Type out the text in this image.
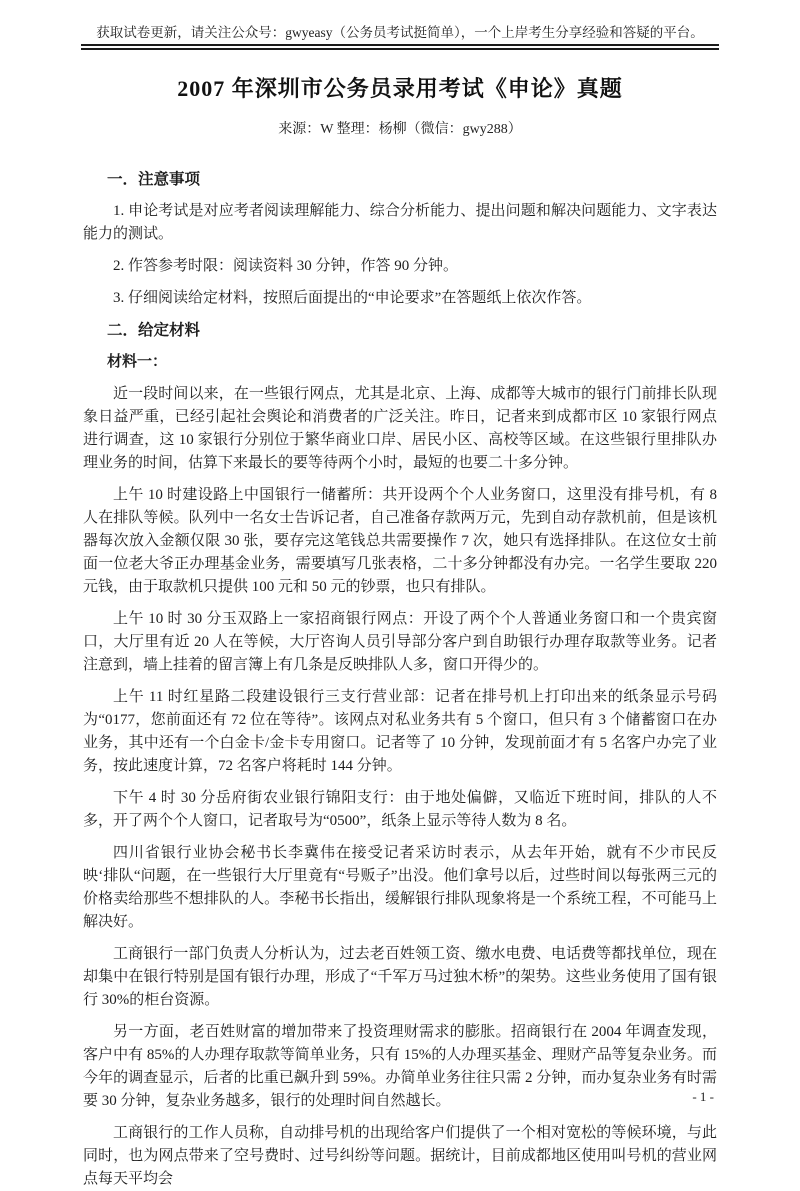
获取试卷更新，请关注公众号：gwyeasy（公务员考试挺简单），一个上岸考生分享经验和答疑的平台。
2007 年深圳市公务员录用考试《申论》真题
来源：W 整理：杨柳（微信：gwy288）
一．注意事项

1. 申论考试是对应考者阅读理解能力、综合分析能力、提出问题和解决问题能力、文字表达能力的测试。

2. 作答参考时限：阅读资料 30 分钟，作答 90 分钟。

3. 仔细阅读给定材料，按照后面提出的“申论要求”在答题纸上依次作答。

二．给定材料
材料一：

近一段时间以来，在一些银行网点，尤其是北京、上海、成都等大城市的银行门前排长队现象日益严重，已经引起社会舆论和消费者的广泛关注。昨日，记者来到成都市区 10 家银行网点进行调查，这 10 家银行分别位于繁华商业口岸、居民小区、高校等区域。在这些银行里排队办理业务的时间，估算下来最长的要等待两个小时，最短的也要二十多分钟。

上午 10 时建设路上中国银行一储蓄所：共开设两个个人业务窗口，这里没有排号机，有 8 人在排队等候。队列中一名女士告诉记者，自己准备存款两万元，先到自动存款机前，但是该机器每次放入金额仅限 30 张，要存完这笔钱总共需要操作 7 次，她只有选择排队。在这位女士前面一位老大爷正办理基金业务，需要填写几张表格，二十多分钟都没有办完。一名学生要取 220 元钱，由于取款机只提供 100 元和 50 元的钞票，也只有排队。

上午 10 时 30 分玉双路上一家招商银行网点：开设了两个个人普通业务窗口和一个贵宾窗口，大厅里有近 20 人在等候，大厅咨询人员引导部分客户到自助银行办理存取款等业务。记者注意到，墙上挂着的留言簿上有几条是反映排队人多，窗口开得少的。

上午 11 时红星路二段建设银行三支行营业部：记者在排号机上打印出来的纸条显示号码为“0177，您前面还有 72 位在等待”。该网点对私业务共有 5 个窗口，但只有 3 个储蓄窗口在办业务，其中还有一个白金卡/金卡专用窗口。记者等了 10 分钟，发现前面才有 5 名客户办完了业务，按此速度计算，72 名客户将耗时 144 分钟。

下午 4 时 30 分岳府街农业银行锦阳支行：由于地处偏僻，又临近下班时间，排队的人不多，开了两个个人窗口，记者取号为“0500”，纸条上显示等待人数为 8 名。

四川省银行业协会秘书长李冀伟在接受记者采访时表示，从去年开始，就有不少市民反映‘排队“问题，在一些银行大厅里竟有“号贩子”出没。他们拿号以后，过些时间以每张两三元的价格卖给那些不想排队的人。李秘书长指出，缓解银行排队现象将是一个系统工程，不可能马上解决好。

工商银行一部门负责人分析认为，过去老百姓领工资、缴水电费、电话费等都找单位，现在却集中在银行特别是国有银行办理，形成了“千军万马过独木桥”的架势。这些业务使用了国有银行 30%的柜台资源。

另一方面，老百姓财富的增加带来了投资理财需求的膨胀。招商银行在 2004 年调查发现，客户中有 85%的人办理存取款等简单业务，只有 15%的人办理买基金、理财产品等复杂业务。而今年的调查显示，后者的比重已飙升到 59%。办简单业务往往只需 2 分钟，而办复杂业务有时需要 30 分钟，复杂业务越多，银行的处理时间自然越长。

工商银行的工作人员称，自动排号机的出现给客户们提供了一个相对宽松的等候环境，与此同时，也为网点带来了空号费时、过号纠纷等问题。据统计，目前成都地区使用叫号机的营业网点每天平均会

- 1 -
